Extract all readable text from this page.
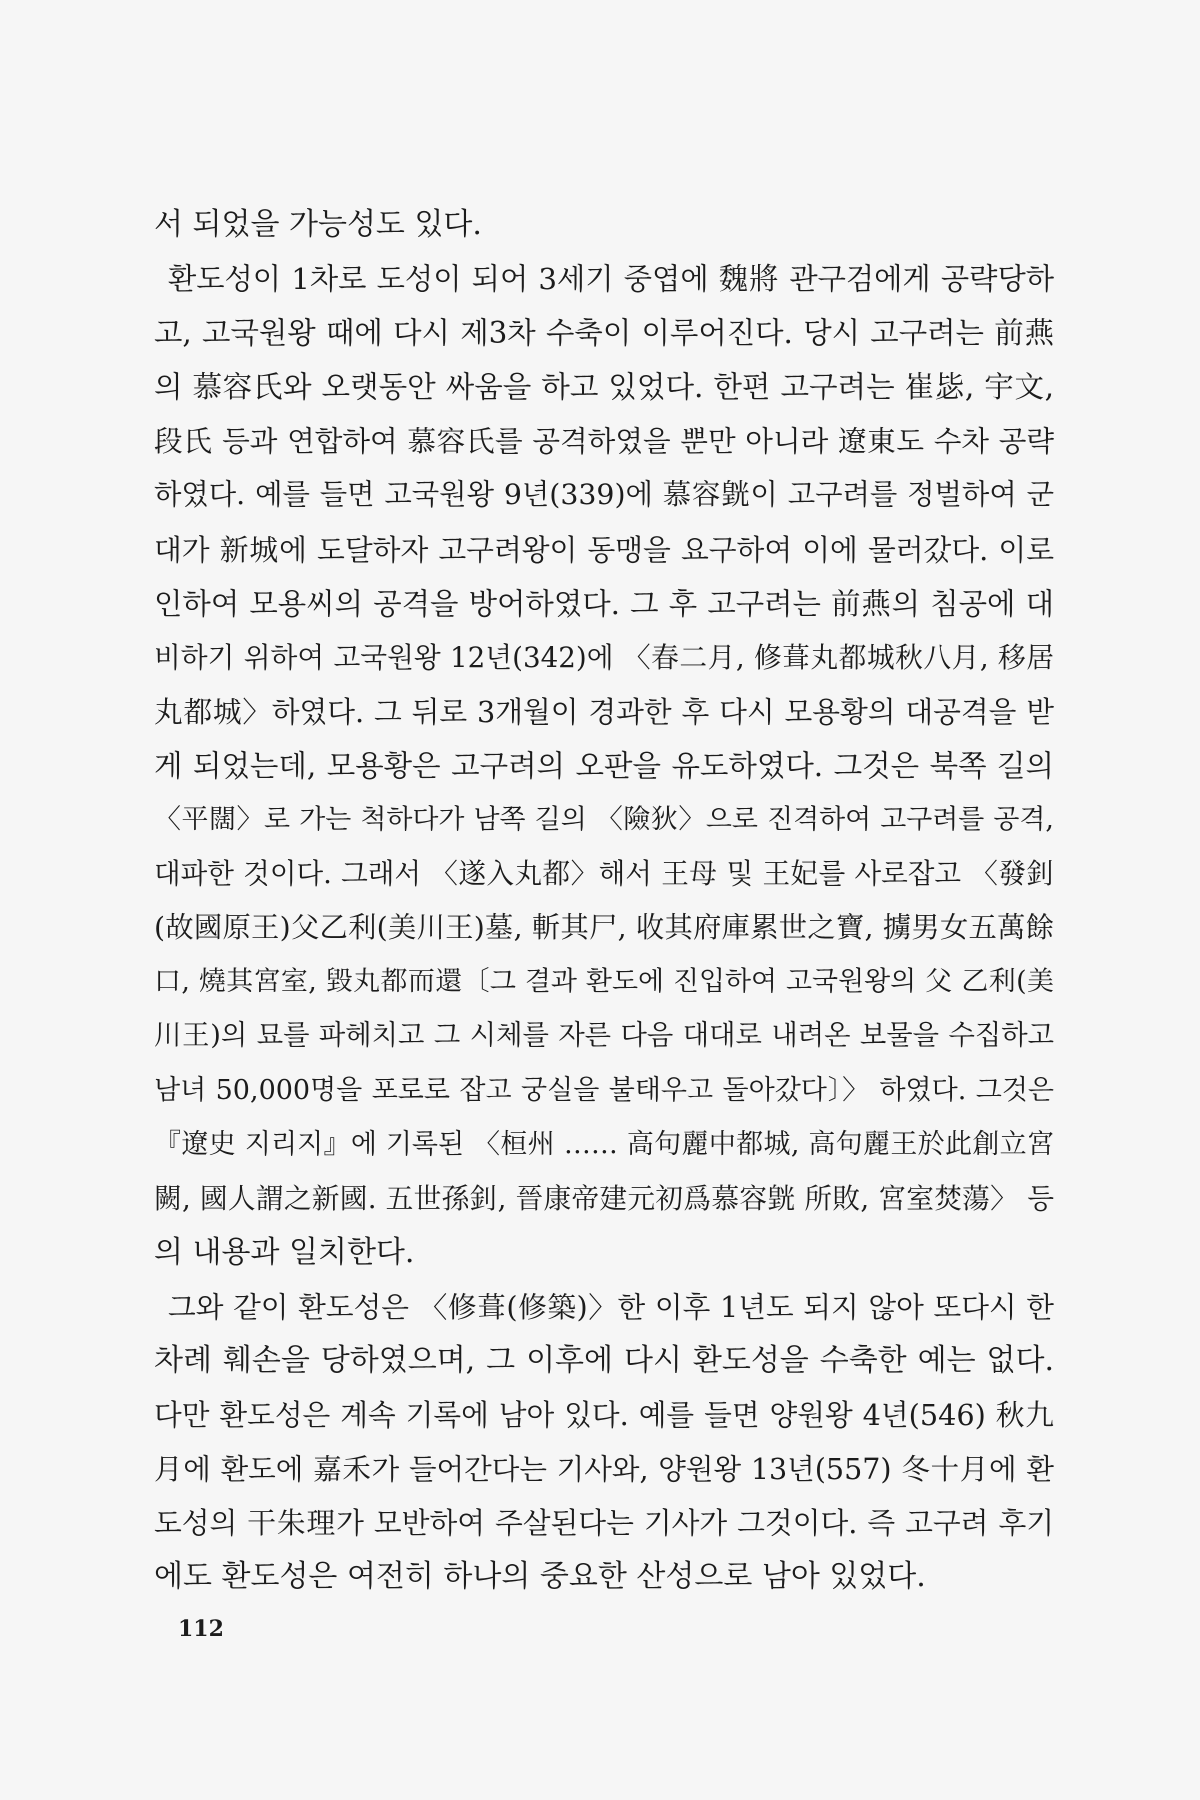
서 되었을 가능성도 있다.
환도성이 1차로 도성이 되어 3세기 중엽에 魏將 관구검에게 공략당하
고, 고국원왕 때에 다시 제3차 수축이 이루어진다. 당시 고구려는 前燕
의 慕容氏와 오랫동안 싸움을 하고 있었다. 한편 고구려는 崔毖, 宇文,
段氏 등과 연합하여 慕容氏를 공격하였을 뿐만 아니라 遼東도 수차 공략
하였다. 예를 들면 고국원왕 9년(339)에 慕容皝이 고구려를 정벌하여 군
대가 新城에 도달하자 고구려왕이 동맹을 요구하여 이에 물러갔다. 이로
인하여 모용씨의 공격을 방어하였다. 그 후 고구려는 前燕의 침공에 대
비하기 위하여 고국원왕 12년(342)에 〈春二月, 修葺丸都城秋八月, 移居
丸都城〉하였다. 그 뒤로 3개월이 경과한 후 다시 모용황의 대공격을 받
게 되었는데, 모용황은 고구려의 오판을 유도하였다. 그것은 북쪽 길의
〈平闊〉로 가는 척하다가 남쪽 길의 〈險狄〉으로 진격하여 고구려를 공격,
대파한 것이다. 그래서 〈遂入丸都〉해서 王母 및 王妃를 사로잡고 〈發釗
(故國原王)父乙利(美川王)墓, 斬其尸, 收其府庫累世之寶, 擄男女五萬餘
口, 燒其宮室, 毀丸都而還〔그 결과 환도에 진입하여 고국원왕의 父 乙利(美
川王)의 묘를 파헤치고 그 시체를 자른 다음 대대로 내려온 보물을 수집하고
남녀 50,000명을 포로로 잡고 궁실을 불태우고 돌아갔다〕〉 하였다. 그것은
『遼史 지리지』에 기록된 〈桓州 …… 高句麗中都城, 高句麗王於此創立宮
闕, 國人謂之新國. 五世孫釗, 晉康帝建元初爲慕容皝 所敗, 宮室焚蕩〉 등
의 내용과 일치한다.
그와 같이 환도성은 〈修葺(修築)〉한 이후 1년도 되지 않아 또다시 한
차례 훼손을 당하였으며, 그 이후에 다시 환도성을 수축한 예는 없다.
다만 환도성은 계속 기록에 남아 있다. 예를 들면 양원왕 4년(546) 秋九
月에 환도에 嘉禾가 들어간다는 기사와, 양원왕 13년(557) 冬十月에 환
도성의 干朱理가 모반하여 주살된다는 기사가 그것이다. 즉 고구려 후기
에도 환도성은 여전히 하나의 중요한 산성으로 남아 있었다.
112
